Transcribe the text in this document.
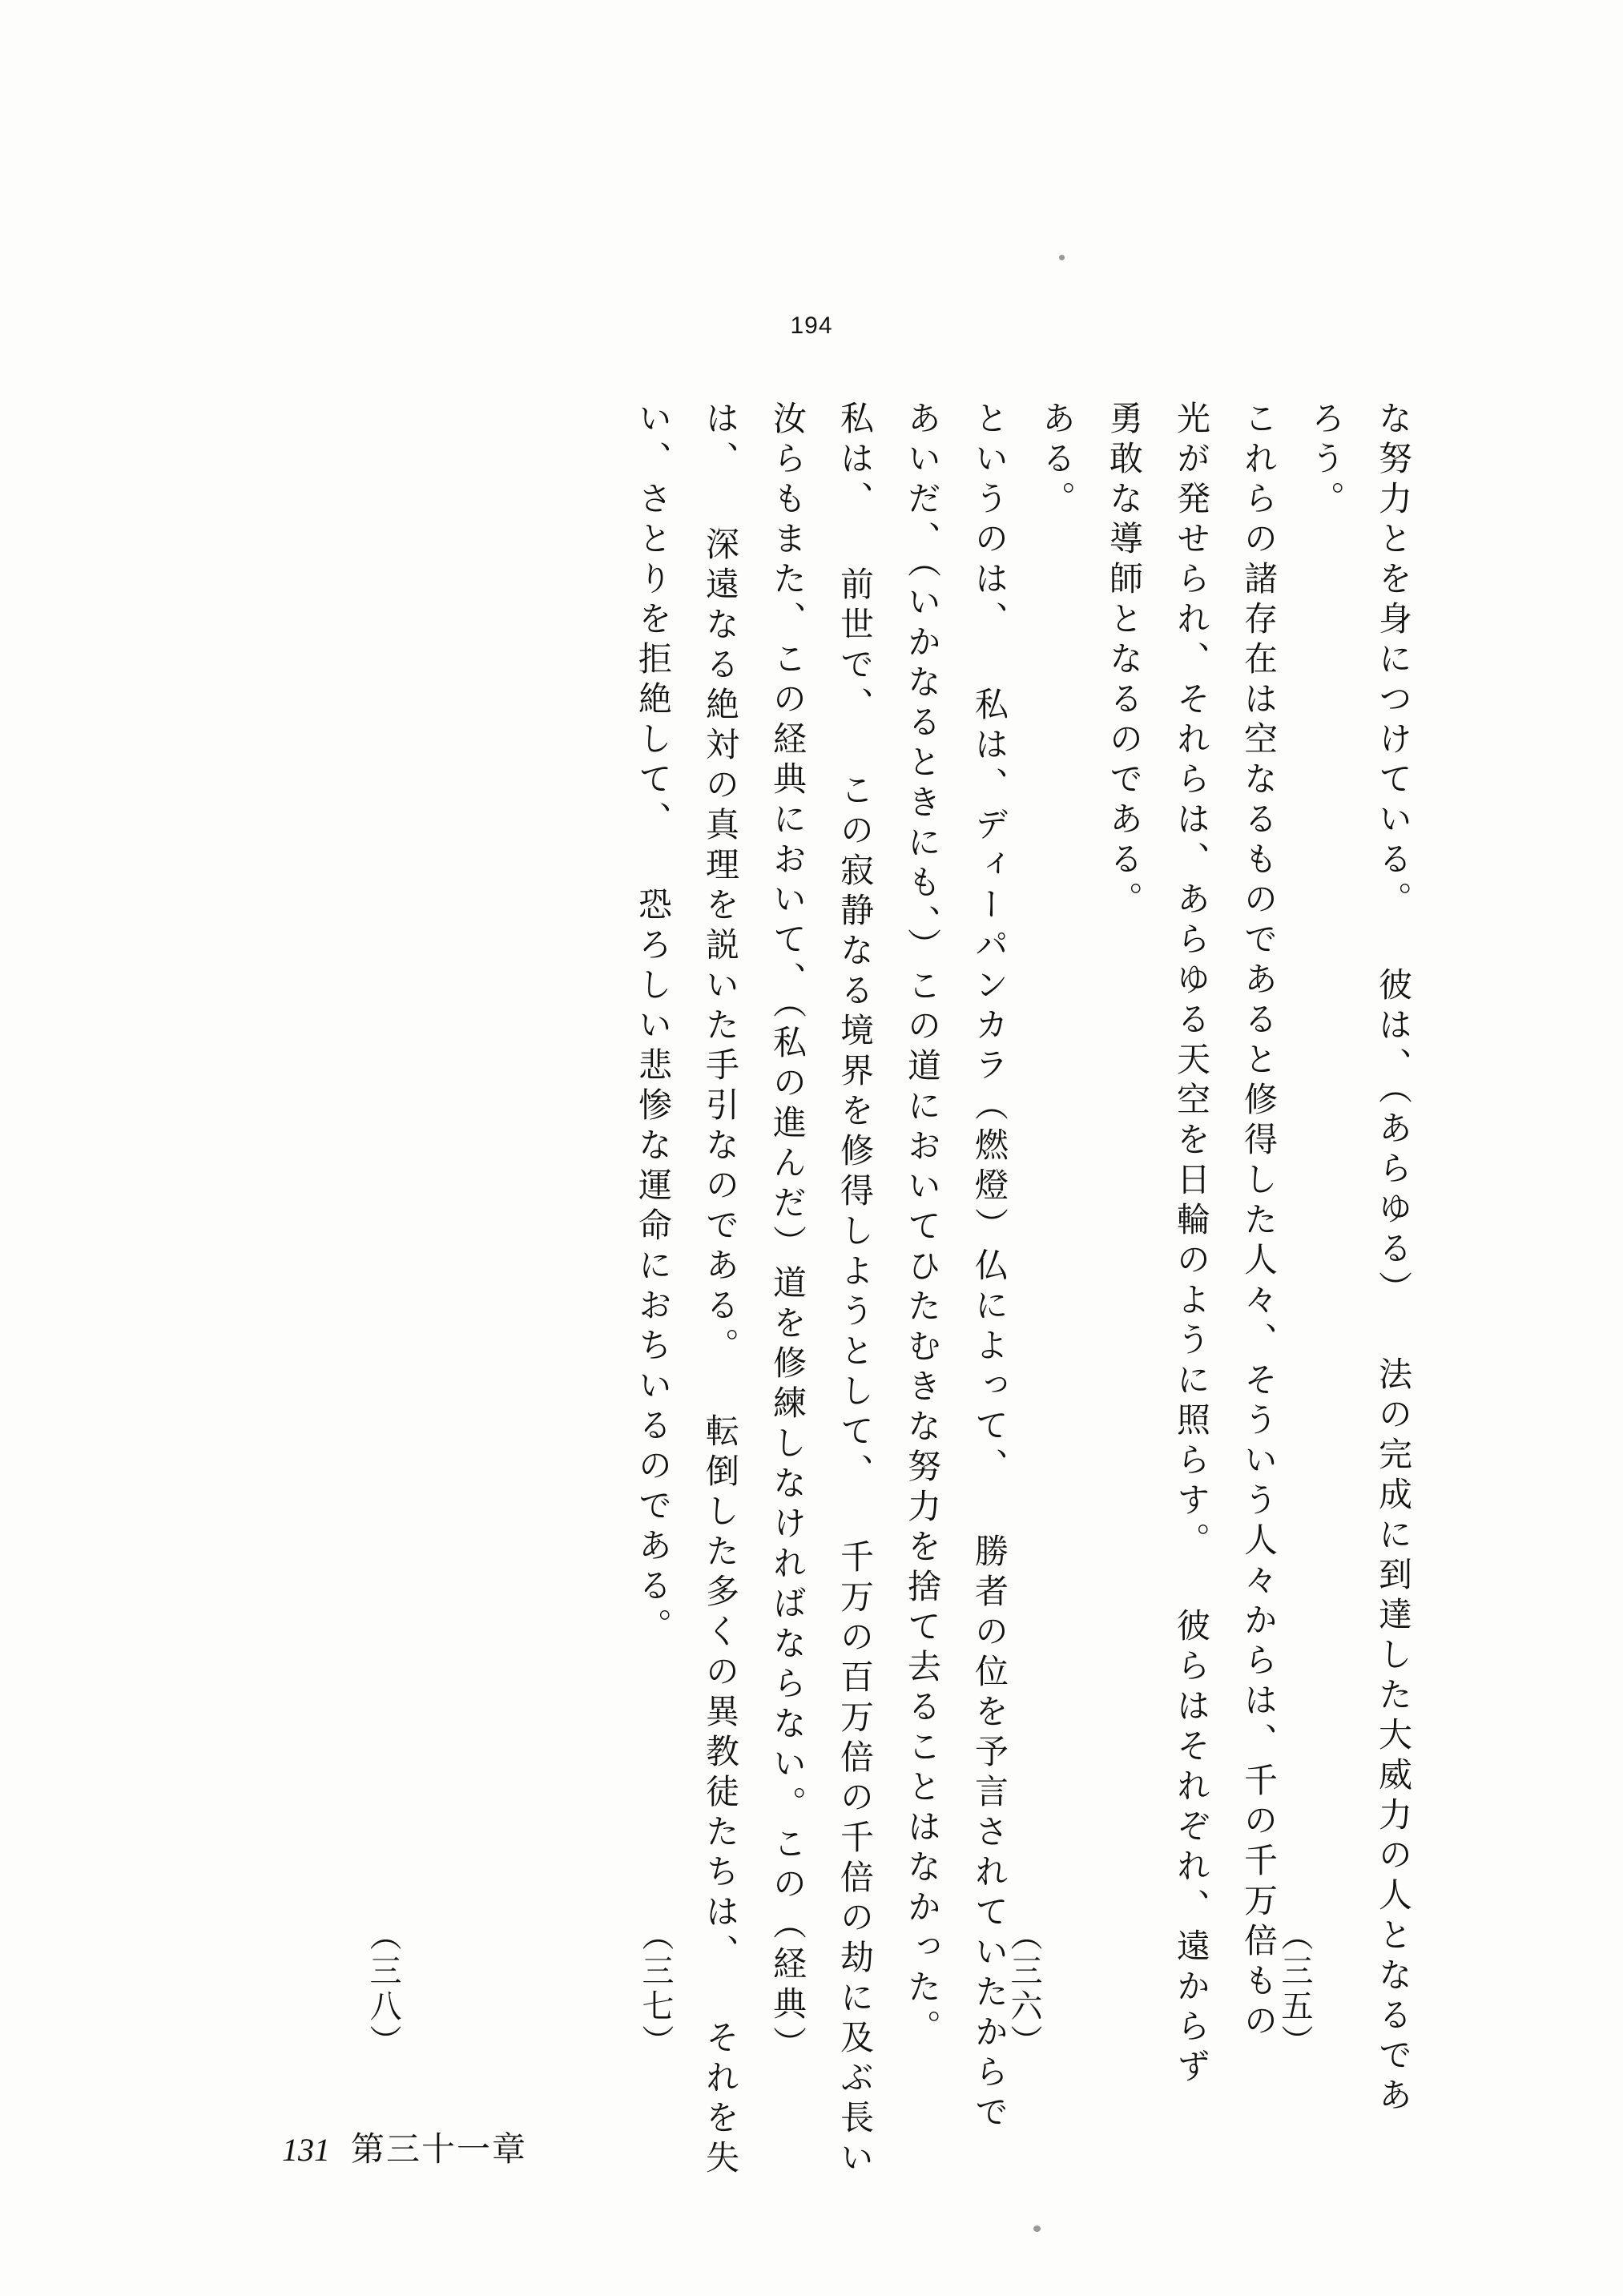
194
な努力とを身につけている。 彼は、（あらゆる） 法の完成に到達した大威力の人となるであ
ろう。
これらの諸存在は空なるものであると修得した人々、そういう人々からは、千の千万倍もの
光が発せられ、それらは、あらゆる天空を日輪のように照らす。 彼らはそれぞれ、遠からず
勇敢な導師となるのである。
ある。
というのは、 私は、ディーパンカラ（燃燈）仏によって、 勝者の位を予言されていたからで
あいだ、（いかなるときにも、）この道においてひたむきな努力を捨て去ることはなかった。
私は、 前世で、 この寂静なる境界を修得しようとして、 千万の百万倍の千倍の劫に及ぶ長い
汝らもまた、この経典において、（私の進んだ）道を修練しなければならない。この（経典）
は、 深遠なる絶対の真理を説いた手引なのである。 転倒した多くの異教徒たちは、 それを失
い、さとりを拒絶して、 恐ろしい悲惨な運命におちいるのである。
（三五）
（三六）
（三七）
（三八）
131 第三十一章
